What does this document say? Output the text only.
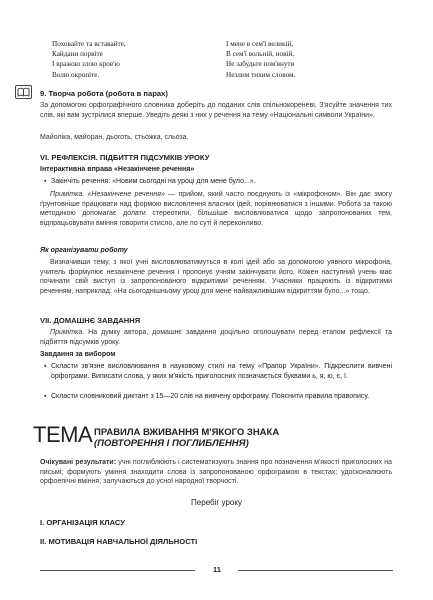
Поховайте та вставайте,
Кайдани порвіте
І вражою злою кров'ю
Волю окропіте.
І мене в сем'ї великій,
В сем'ї вольній, новій,
Не забудьте пом'янути
Незлим тихим словом.
9. Творча робота (робота в парах)
За допомогою орфографічного словника доберіть до поданих слів спільнокореневі. З'ясуйте значення тих слів, які вам зустрілися вперше. Уведіть деякі з них у речення на тему «Національні символи України».
Майоліка, майоран, дьоготь, стьожка, сльоза.
VI. РЕФЛЕКСІЯ. ПІДБИТТЯ ПІДСУМКІВ УРОКУ
Інтерактивна вправа «Незакінчене речення»
▪ Закінчіть речення: «Новим сьогодні на уроці для мене було...».
Примітка. «Незакінчене речення» — прийом, який часто поєднують із «мікрофоном». Він дає змогу ґрунтовніше працювати над формою висловлення власних ідей, порівнюватися з іншими. Робота за такою методикою допомагає долати стереотипи, більшіше висловлюватися щодо запропонованих тем, відпрацьовувати вміння говорити стисло, але по суті й переконливо.
Як організувати роботу
Визначивши тему, з якої учні висловлюватимуться в колі ідей або за допомогою уявного мікрофона, учитель формулює незакінчене речення і пропонує учням закінчувати його. Кожен наступний учень має починати свій виступ із запропонованого відкритими реченням. Учасники працюють із відкритими реченням, наприклад: «На сьогоднішньому уроці для мене найважливішим відкриттям було...» тощо.
VII. ДОМАШНЄ ЗАВДАННЯ
Примітка. На думку автора, домашнє завдання доцільно оголошувати перед етапом рефлексії та підбиття підсумків уроку.
Завдання за вибором
▪ Скласти зв'язне висловлювання в науковому стилі на тему «Прапор України». Підкреслити вивчені орфограми. Виписати слова, у яких м'якість приголосних позначається буквами ь, я, ю, є, ї.
▪ Скласти словниковий диктант з 15—20 слів на вивчену орфограму. Пояснити правила правопису.
ТЕМА ПРАВИЛА ВЖИВАННЯ М'ЯКОГО ЗНАКА
(ПОВТОРЕННЯ І ПОГЛИБЛЕННЯ)
Очікувані результати: учні поглиблюють і систематизують знання про позначення м'якості приголосних на письмі; формують уміння знаходити слова із запропонованою орфограмою в текстах; удосконалюють орфоепічні вміння; залучаються до усної народної творчості.
Перебіг уроку
I. ОРГАНІЗАЦІЯ КЛАСУ
II. МОТИВАЦІЯ НАВЧАЛЬНОЇ ДІЯЛЬНОСТІ
11
